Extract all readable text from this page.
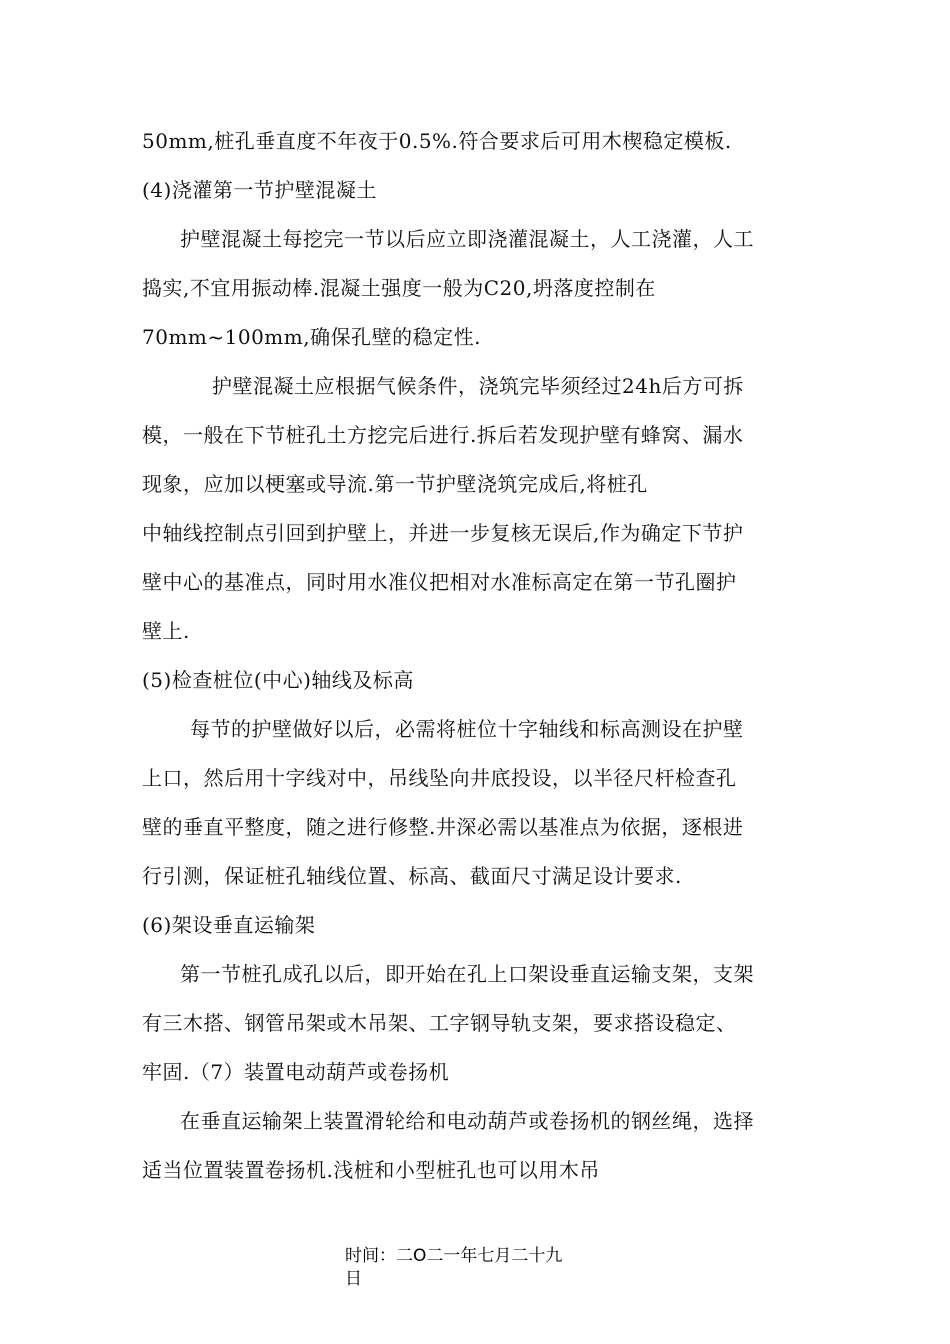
50mm,桩孔垂直度不年夜于0.5%.符合要求后可用木楔稳定模板.
(4)浇灌第一节护壁混凝土
护壁混凝土每挖完一节以后应立即浇灌混凝土，人工浇灌，人工
捣实,不宜用振动棒.混凝土强度一般为C20,坍落度控制在
70mm~100mm,确保孔壁的稳定性.
护壁混凝土应根据气候条件，浇筑完毕须经过24h后方可拆
模，一般在下节桩孔土方挖完后进行.拆后若发现护壁有蜂窝、漏水
现象，应加以梗塞或导流.第一节护壁浇筑完成后,将桩孔
中轴线控制点引回到护壁上，并进一步复核无误后,作为确定下节护
壁中心的基准点，同时用水准仪把相对水准标高定在第一节孔圈护
壁上.
(5)检查桩位(中心)轴线及标高
每节的护壁做好以后，必需将桩位十字轴线和标高测设在护壁
上口，然后用十字线对中，吊线坠向井底投设，以半径尺杆检查孔
壁的垂直平整度，随之进行修整.井深必需以基准点为依据，逐根进
行引测，保证桩孔轴线位置、标高、截面尺寸满足设计要求.
(6)架设垂直运输架
第一节桩孔成孔以后，即开始在孔上口架设垂直运输支架，支架
有三木搭、钢管吊架或木吊架、工字钢导轨支架，要求搭设稳定、
牢固.（7）装置电动葫芦或卷扬机
在垂直运输架上装置滑轮给和电动葫芦或卷扬机的钢丝绳，选择
适当位置装置卷扬机.浅桩和小型桩孔也可以用木吊
时间：二O二一年七月二十九
日
